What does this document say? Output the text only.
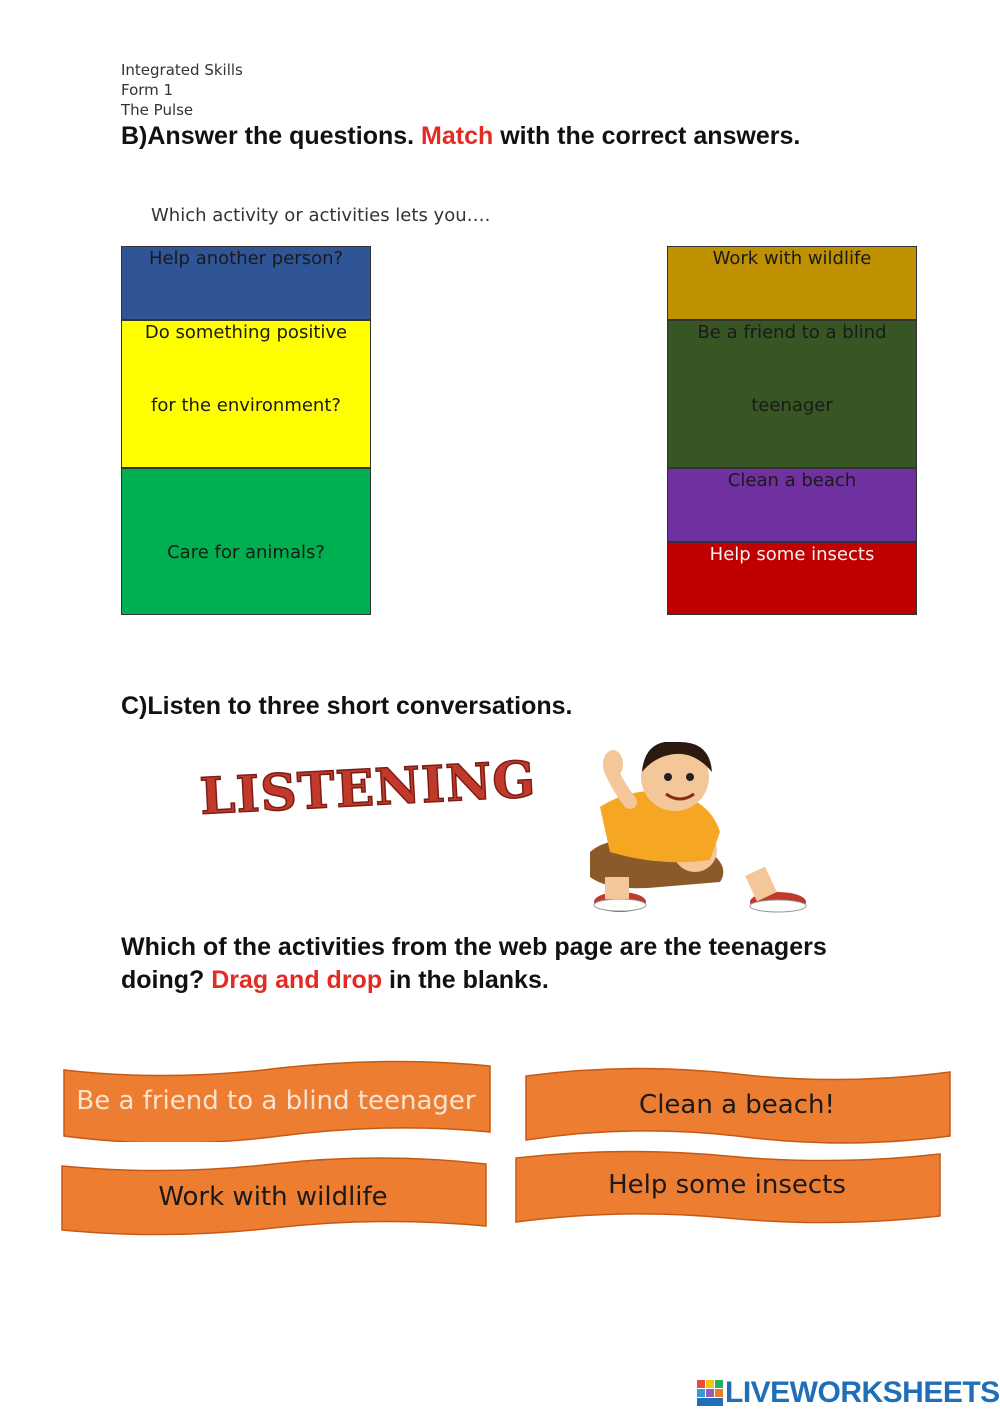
Integrated Skills
Form 1
The Pulse
B)Answer the questions. Match with the correct answers.
Which activity or activities lets you….
Help another person?
Do something positive
for the environment?
Care for animals?
Work with wildlife
Be a friend to a blind
teenager
Clean a beach
Help some insects
C)Listen to three short conversations.
LISTENING
Which of the activities from the web page are the teenagers
doing? Drag and drop in the blanks.
Be a friend to a blind teenager	Clean a beach!
Work with wildlife	Help some insects
LIVEWORKSHEETS
